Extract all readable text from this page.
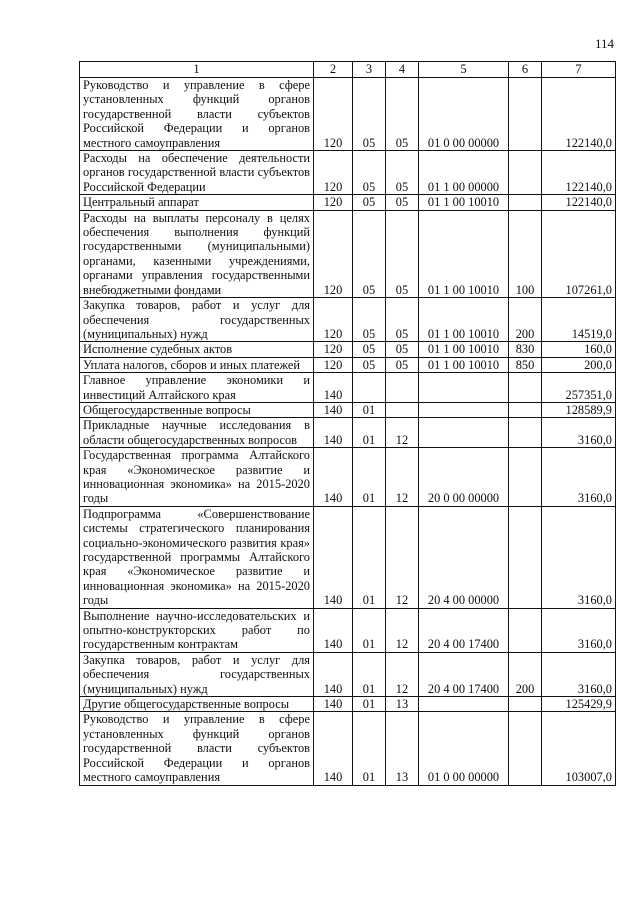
114
1	2	3	4	5	6	7
Руководство и управление в сфере установленных функций органов государственной власти субъектов Российской Федерации и органов местного самоуправления	120	05	05	01 0 00 00000		122140,0
Расходы на обеспечение деятельности органов государственной власти субъектов Российской Федерации	120	05	05	01 1 00 00000		122140,0
Центральный аппарат	120	05	05	01 1 00 10010		122140,0
Расходы на выплаты персоналу в целях обеспечения выполнения функций государственными (муниципальными) органами, казенными учреждениями, органами управления государственными внебюджетными фондами	120	05	05	01 1 00 10010	100	107261,0
Закупка товаров, работ и услуг для обеспечения государственных (муниципальных) нужд	120	05	05	01 1 00 10010	200	14519,0
Исполнение судебных актов	120	05	05	01 1 00 10010	830	160,0
Уплата налогов, сборов и иных платежей	120	05	05	01 1 00 10010	850	200,0
Главное управление экономики и инвестиций Алтайского края	140					257351,0
Общегосударственные вопросы	140	01				128589,9
Прикладные научные исследования в области общегосударственных вопросов	140	01	12			3160,0
Государственная программа Алтайского края «Экономическое развитие и инновационная экономика» на 2015-2020 годы	140	01	12	20 0 00 00000		3160,0
Подпрограмма «Совершенствование системы стратегического планирования социально-экономического развития края» государственной программы Алтайского края «Экономическое развитие и инновационная экономика» на 2015-2020 годы	140	01	12	20 4 00 00000		3160,0
Выполнение научно-исследовательских и опытно-конструкторских работ по государственным контрактам	140	01	12	20 4 00 17400		3160,0
Закупка товаров, работ и услуг для обеспечения государственных (муниципальных) нужд	140	01	12	20 4 00 17400	200	3160,0
Другие общегосударственные вопросы	140	01	13			125429,9
Руководство и управление в сфере установленных функций органов государственной власти субъектов Российской Федерации и органов местного самоуправления	140	01	13	01 0 00 00000		103007,0
